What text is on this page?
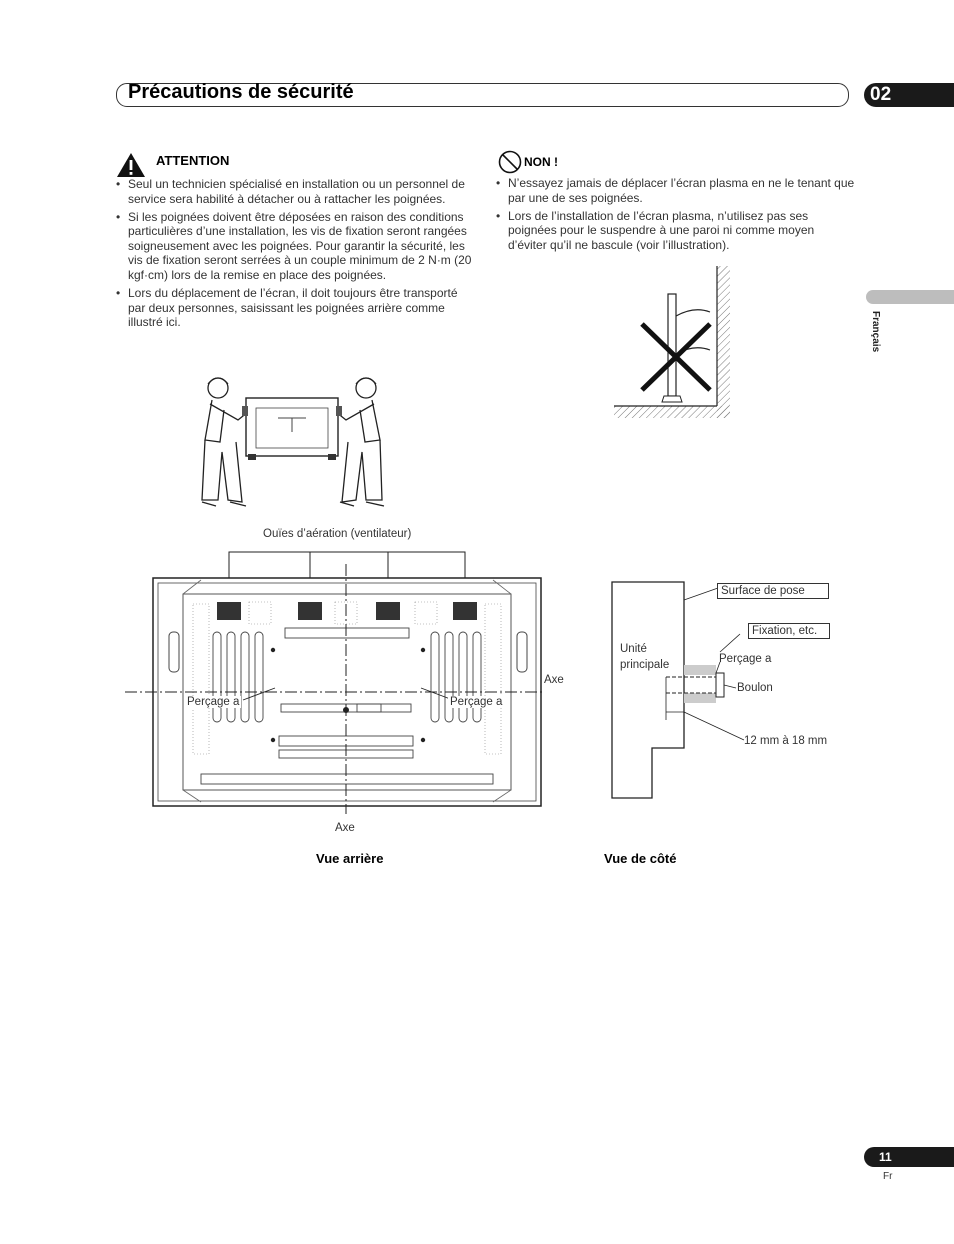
Précautions de sécurité	02
Français
ATTENTION
• Seul un technicien spécialisé en installation ou un personnel de service sera habilité à détacher ou à rattacher les poignées.
• Si les poignées doivent être déposées en raison des conditions particulières d’une installation, les vis de fixation seront rangées soigneusement avec les poignées. Pour garantir la sécurité, les vis de fixation seront serrées à un couple minimum de 2 N·m (20 kgf·cm) lors de la remise en place des poignées.
• Lors du déplacement de l’écran, il doit toujours être transporté par deux personnes, saisissant les poignées arrière comme illustré ici.
NON !
• N’essayez jamais de déplacer l’écran plasma en ne le tenant que par une de ses poignées.
• Lors de l’installation de l’écran plasma, n’utilisez pas ses poignées pour le suspendre à une paroi ni comme moyen d’éviter qu’il ne bascule (voir l’illustration).
Ouïes d’aération (ventilateur)
Axe
Perçage a	Perçage a
Axe
Vue arrière
Surface de pose
Fixation, etc.
Unité
principale	Perçage a
Boulon
12 mm à 18 mm
Vue de côté
11
Fr
